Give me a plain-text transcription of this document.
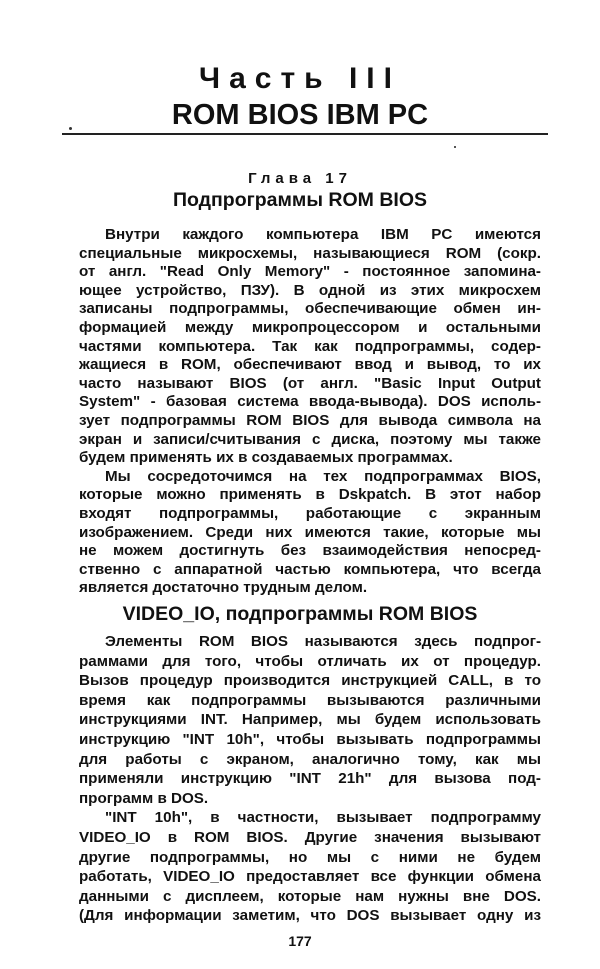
Часть III
ROM BIOS IBM PC
Глава 17
Подпрограммы ROM BIOS
Внутри каждого компьютера IBM PC имеются
специальные микросхемы, называющиеся ROM (сокр.
от англ. "Read Only Memory" - постоянное запомина-
ющее устройство, ПЗУ). В одной из этих микросхем
записаны подпрограммы, обеспечивающие обмен ин-
формацией между микропроцессором и остальными
частями компьютера. Так как подпрограммы, содер-
жащиеся в ROM, обеспечивают ввод и вывод, то их
часто называют BIOS (от англ. "Basic Input Output
System" - базовая система ввода-вывода). DOS исполь-
зует подпрограммы ROM BIOS для вывода символа на
экран и записи/считывания с диска, поэтому мы также
будем применять их в создаваемых программах.
Мы сосредоточимся на тех подпрограммах BIOS,
которые можно применять в Dskpatch. В этот набор
входят подпрограммы, работающие с экранным
изображением. Среди них имеются такие, которые мы
не можем достигнуть без взаимодействия непосред-
ственно с аппаратной частью компьютера, что всегда
является достаточно трудным делом.
VIDEO_IO, подпрограммы ROM BIOS
Элементы ROM BIOS называются здесь подпрог-
раммами для того, чтобы отличать их от процедур.
Вызов процедур производится инструкцией CALL, в то
время как подпрограммы вызываются различными
инструкциями INT. Например, мы будем использовать
инструкцию "INT 10h", чтобы вызывать подпрограммы
для работы с экраном, аналогично тому, как мы
применяли инструкцию "INT 21h" для вызова под-
программ в DOS.
"INT 10h", в частности, вызывает подпрограмму
VIDEO_IO в ROM BIOS. Другие значения вызывают
другие подпрограммы, но мы с ними не будем
работать, VIDEO_IO предоставляет все функции обмена
данными с дисплеем, которые нам нужны вне DOS.
(Для информации заметим, что DOS вызывает одну из
177
